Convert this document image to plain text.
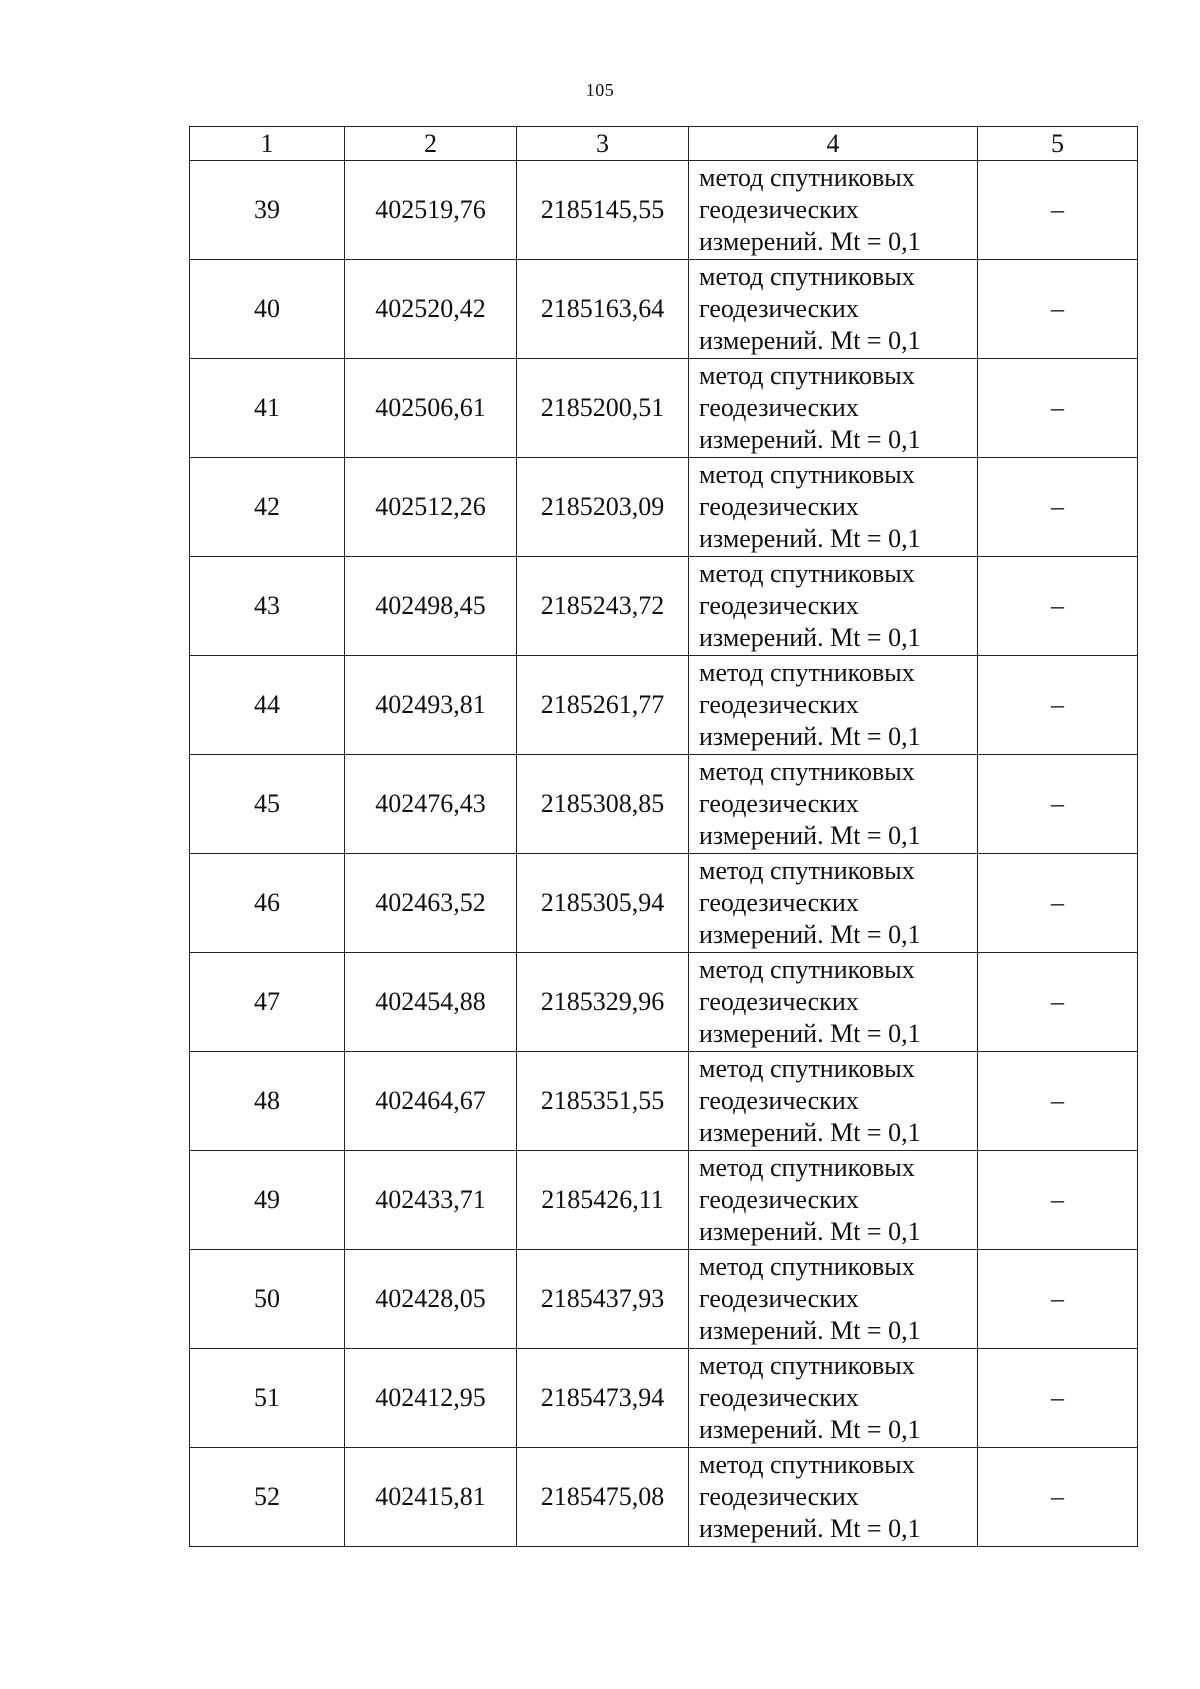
105
1	2	3	4	5
39	402519,76	2185145,55	метод спутниковых
геодезических
измерений. Mt = 0,1	–
40	402520,42	2185163,64	метод спутниковых
геодезических
измерений. Mt = 0,1	–
41	402506,61	2185200,51	метод спутниковых
геодезических
измерений. Mt = 0,1	–
42	402512,26	2185203,09	метод спутниковых
геодезических
измерений. Mt = 0,1	–
43	402498,45	2185243,72	метод спутниковых
геодезических
измерений. Mt = 0,1	–
44	402493,81	2185261,77	метод спутниковых
геодезических
измерений. Mt = 0,1	–
45	402476,43	2185308,85	метод спутниковых
геодезических
измерений. Mt = 0,1	–
46	402463,52	2185305,94	метод спутниковых
геодезических
измерений. Mt = 0,1	–
47	402454,88	2185329,96	метод спутниковых
геодезических
измерений. Mt = 0,1	–
48	402464,67	2185351,55	метод спутниковых
геодезических
измерений. Mt = 0,1	–
49	402433,71	2185426,11	метод спутниковых
геодезических
измерений. Mt = 0,1	–
50	402428,05	2185437,93	метод спутниковых
геодезических
измерений. Mt = 0,1	–
51	402412,95	2185473,94	метод спутниковых
геодезических
измерений. Mt = 0,1	–
52	402415,81	2185475,08	метод спутниковых
геодезических
измерений. Mt = 0,1	–
